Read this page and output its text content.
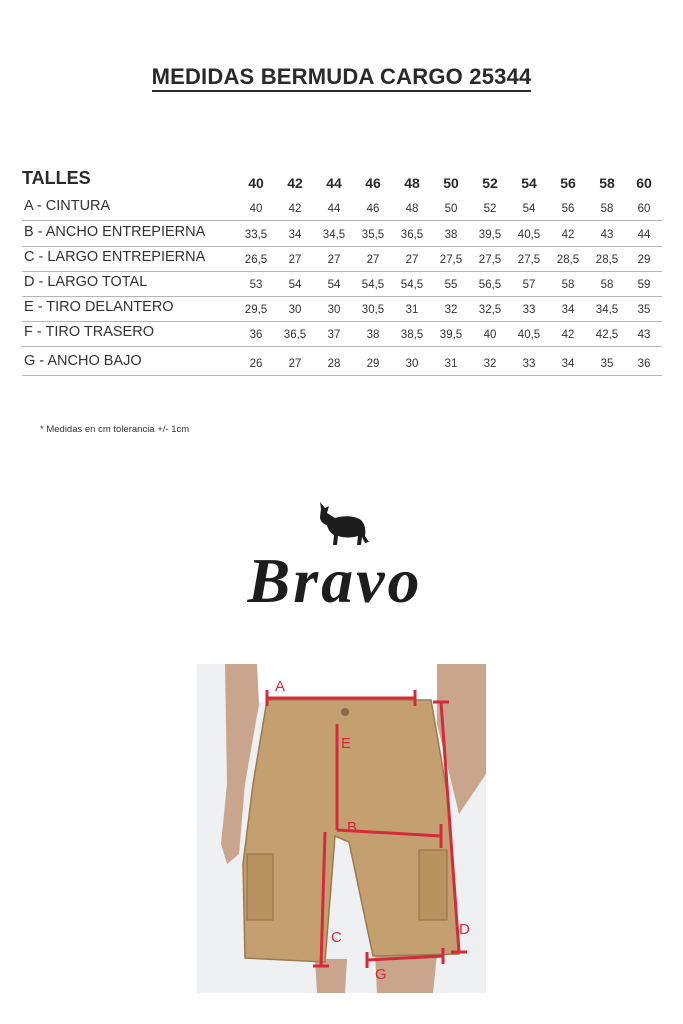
MEDIDAS BERMUDA CARGO 25344
TALLES	40	42	44	46	48	50	52	54	56	58	60
A - CINTURA	40	42	44	46	48	50	52	54	56	58	60
B - ANCHO ENTREPIERNA	33,5	34	34,5	35,5	36,5	38	39,5	40,5	42	43	44
C - LARGO ENTREPIERNA	26,5	27	27	27	27	27,5	27,5	27,5	28,5	28,5	29
D - LARGO TOTAL	53	54	54	54,5	54,5	55	56,5	57	58	58	59
E - TIRO DELANTERO	29,5	30	30	30,5	31	32	32,5	33	34	34,5	35
F - TIRO TRASERO	36	36,5	37	38	38,5	39,5	40	40,5	42	42,5	43
G - ANCHO BAJO	26	27	28	29	30	31	32	33	34	35	36
* Medidas en cm tolerancia +/- 1cm
Bravo
A
E
B
C	D
G
